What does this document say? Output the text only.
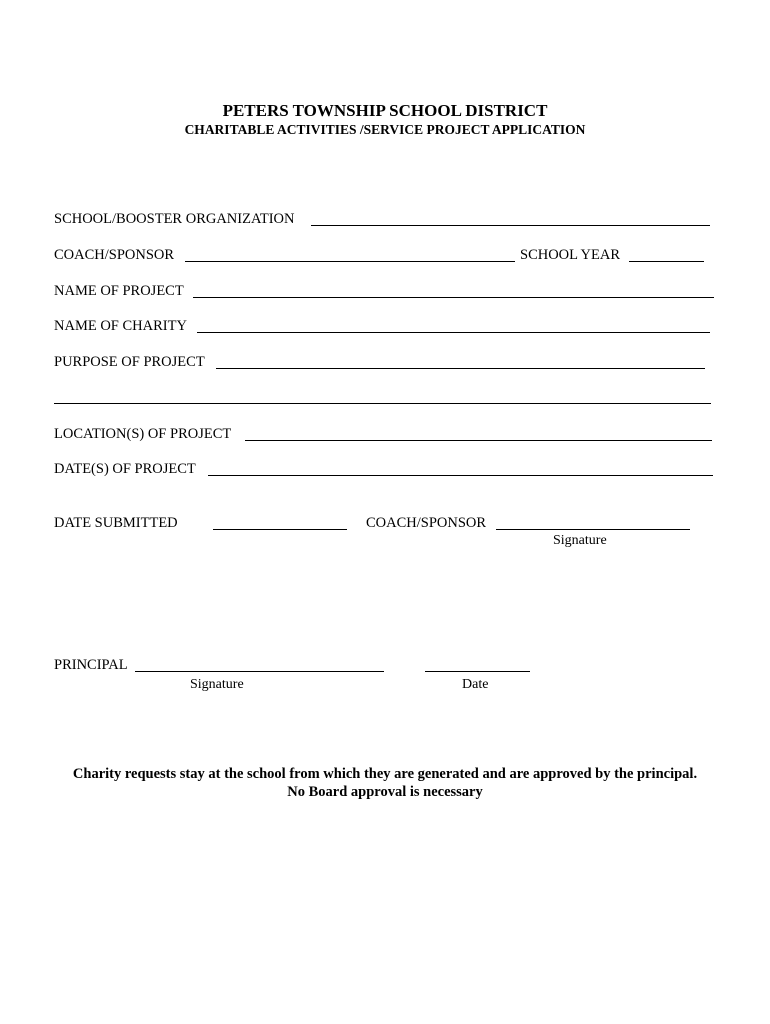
PETERS TOWNSHIP SCHOOL DISTRICT
CHARITABLE ACTIVITIES /SERVICE PROJECT APPLICATION
SCHOOL/BOOSTER ORGANIZATION
COACH/SPONSOR	SCHOOL YEAR
NAME OF PROJECT
NAME OF CHARITY
PURPOSE OF PROJECT
LOCATION(S) OF PROJECT
DATE(S) OF PROJECT
DATE SUBMITTED	COACH/SPONSOR
Signature
PRINCIPAL
Signature	Date
Charity requests stay at the school from which they are generated and are approved by the principal.
No Board approval is necessary
